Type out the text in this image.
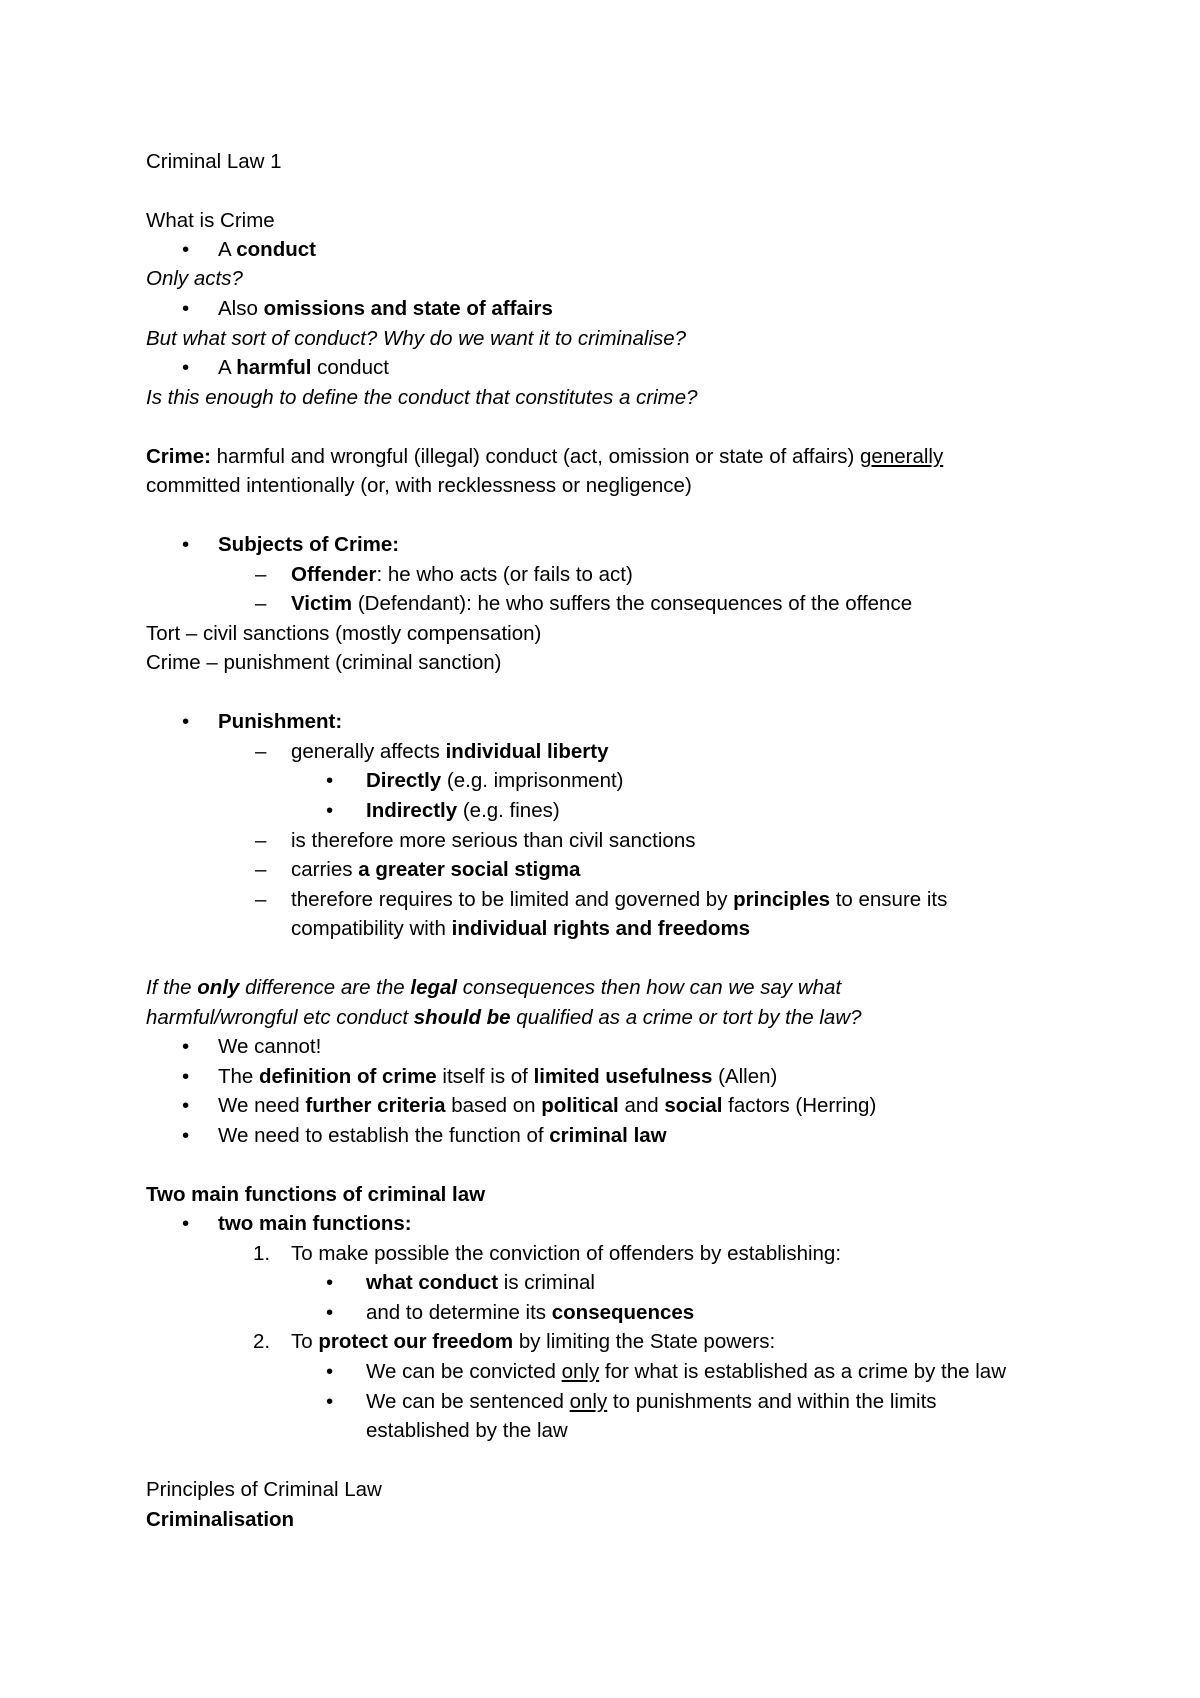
Criminal Law 1
What is Crime
• A conduct
Only acts?
• Also omissions and state of affairs
But what sort of conduct? Why do we want it to criminalise?
• A harmful conduct
Is this enough to define the conduct that constitutes a crime?
Crime: harmful and wrongful (illegal) conduct (act, omission or state of affairs) generally
committed intentionally (or, with recklessness or negligence)
• Subjects of Crime:
– Offender: he who acts (or fails to act)
– Victim (Defendant): he who suffers the consequences of the offence
Tort – civil sanctions (mostly compensation)
Crime – punishment (criminal sanction)
• Punishment:
– generally affects individual liberty
• Directly (e.g. imprisonment)
• Indirectly (e.g. fines)
– is therefore more serious than civil sanctions
– carries a greater social stigma
– therefore requires to be limited and governed by principles to ensure its
compatibility with individual rights and freedoms
If the only difference are the legal consequences then how can we say what
harmful/wrongful etc conduct should be qualified as a crime or tort by the law?
• We cannot!
• The definition of crime itself is of limited usefulness (Allen)
• We need further criteria based on political and social factors (Herring)
• We need to establish the function of criminal law
Two main functions of criminal law
• two main functions:
1. To make possible the conviction of offenders by establishing:
• what conduct is criminal
• and to determine its consequences
2. To protect our freedom by limiting the State powers:
• We can be convicted only for what is established as a crime by the law
• We can be sentenced only to punishments and within the limits
established by the law
Principles of Criminal Law
Criminalisation
